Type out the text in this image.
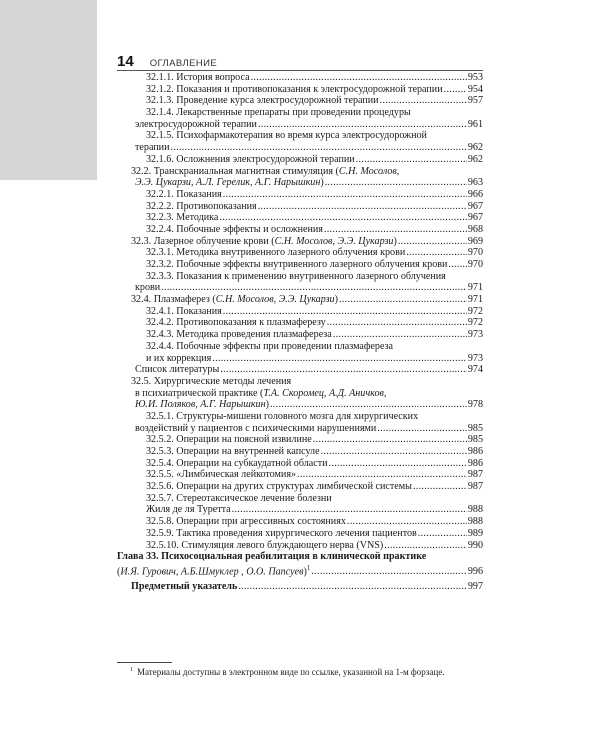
14 ОГЛАВЛЕНИЕ
32.1.1. История вопроса .....	953
32.1.2. Показания и противопоказания к электросудорожной терапии ..... 954
32.1.3. Проведение курса электросудорожной терапии .....	957
32.1.4. Лекарственные препараты при проведении процедуры
электросудорожной терапии .....	961
32.1.5. Психофармакотерапия во время курса электросудорожной
терапии .....	962
32.1.6. Осложнения электросудорожной терапии .....	962
32.2. Транскраниальная магнитная стимуляция (С.Н. Мосолов,
Э.Э. Цукарзи, А.Л. Герелик, А.Г. Нарышкин) .....	963
32.2.1. Показания .....	966
32.2.2. Противопоказания .....	967
32.2.3. Методика .....	967
32.2.4. Побочные эффекты и осложнения .....	968
32.3. Лазерное облучение крови (С.Н. Мосолов, Э.Э. Цукарзи) .....	969
32.3.1. Методика внутривенного лазерного облучения крови .....	970
32.3.2. Побочные эффекты внутривенного лазерного облучения крови ..... 970
32.3.3. Показания к применению внутривенного лазерного облучения
крови .....	971
32.4. Плазмаферез (С.Н. Мосолов, Э.Э. Цукарзи) .....	971
32.4.1. Показания .....	972
32.4.2. Противопоказания к плазмаферезу .....	972
32.4.3. Методика проведения плазмафереза .....	973
32.4.4. Побочные эффекты при проведении плазмафереза
и их коррекция .....	973
Список литературы .....	974
32.5. Хирургические методы лечения
в психиатрической практике (Т.А. Скоромец, А.Д. Аничков,
Ю.И. Поляков, А.Г. Нарышкин) .....	978
32.5.1. Структуры-мишени головного мозга для хирургических
воздействий у пациентов с психическими нарушениями .....	985
32.5.2. Операции на поясной извилине .....	985
32.5.3. Операции на внутренней капсуле .....	986
32.5.4. Операции на субкаудатной области .....	986
32.5.5. «Лимбическая лейкотомия» .....	987
32.5.6. Операции на других структурах лимбической системы .....	987
32.5.7. Стереотаксическое лечение болезни
Жиля де ля Туретта .....	988
32.5.8. Операции при агрессивных состояниях .....	988
32.5.9. Тактика проведения хирургического лечения пациентов .....	989
32.5.10. Стимуляция левого блуждающего нерва (VNS) .....	990
Глава 33. Психосоциальная реабилитация в клинической практике
(И.Я. Гурович, А.Б.Шмуклер , О.О. Папсуев)$^1$ .....	996
Предметный указатель .....	997
$^1$ Материалы доступны в электронном виде по ссылке, указанной на 1-м форзаце.
